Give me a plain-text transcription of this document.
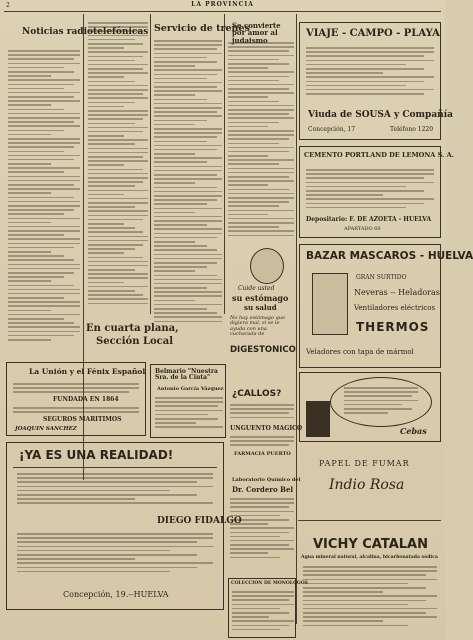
2	LA PROVINCIA
Noticias radiotelefónicas Servicio de trenes
Se convierte por amor al judaismo
En cuarta plana,
Sección Local
VIAJE - CAMPO - PLAYA
Viuda de SOUSA y Compañía
Concepción, 17	Teléfono 1220
CEMENTO PORTLAND DE LEMONA S. A.
Depositario: F. DE AZOETA - HUELVA
APARTADO 60
BAZAR MASCAROS - HUELVA
GRAN SURTIDO
Neveras -- Heladoras
Ventiladores eléctricos
THERMOS
Veladores con tapa de mármol
La Unión y el Fénix Español
FUNDADA EN 1864
SEGUROS MARITIMOS
JOAQUIN SANCHEZ
Belmario "Nuestra Sra. de la Cinta"
Antonio García Vázquez
Cuide usted
su estómago
su salud
No hay estómago que digiera mal, si se le ayuda con una cucharada de
DIGESTONICO
¿CALLOS?
UNGUENTO MAGICO
FARMACIA PUERTO
Laboratorio Químico del
Dr. Cordero Bel
Cebas
¡YA ES UNA REALIDAD!
DIEGO FIDALGO
Concepción, 19.--HUELVA
PAPEL DE FUMAR
Indio Rosa
COLECCION DE MONOLOGOS
VICHY CATALAN
Agua mineral natural, alcalina, bicarbonatada sódica
